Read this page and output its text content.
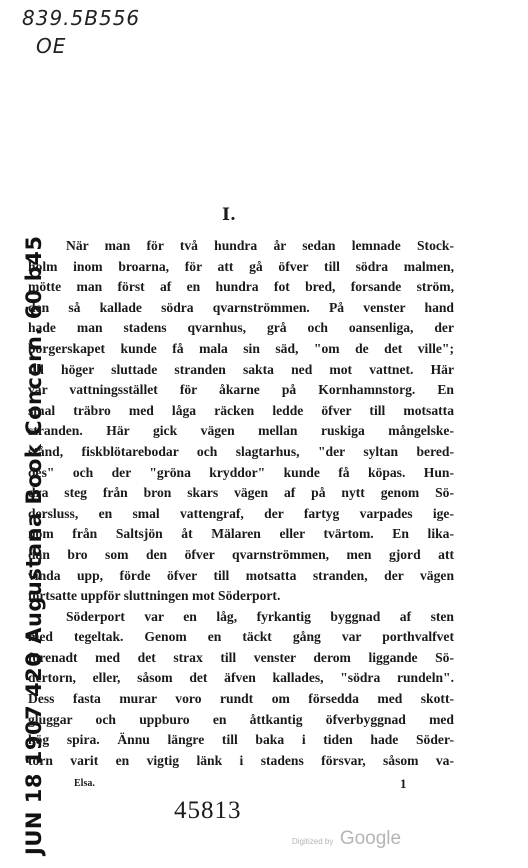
839.5B556
OE
JUN 18 1907 420 Augustana Book Concern. 60 b45
I.
När man för två hundra år sedan lemnade Stock-
holm inom broarna, för att gå öfver till södra malmen,
mötte man först af en hundra fot bred, forsande ström,
den så kallade södra qvarnströmmen. På venster hand
hade man stadens qvarnhus, grå och oansenliga, der
borgerskapet kunde få mala sin säd, "om de det ville";
till höger sluttade stranden sakta ned mot vattnet. Här
var vattningsstället för åkarne på Kornhamnstorg. En
smal träbro med låga räcken ledde öfver till motsatta
stranden. Här gick vägen mellan ruskiga mångelske-
stånd, fiskblötarebodar och slagtarhus, "der syltan bered-
des" och der "gröna kryddor" kunde få köpas. Hun-
dra steg från bron skars vägen af på nytt genom Sö-
dersluss, en smal vattengraf, der fartyg varpades ige-
nom från Saltsjön åt Mälaren eller tvärtom. En lika-
dan bro som den öfver qvarnströmmen, men gjord att
vinda upp, förde öfver till motsatta stranden, der vägen
fortsatte uppför sluttningen mot Söderport.
Söderport var en låg, fyrkantig byggnad af sten
med tegeltak. Genom en täckt gång var porthvalfvet
förenadt med det strax till venster derom liggande Sö-
dertorn, eller, såsom det äfven kallades, "södra rundeln".
Dess fasta murar voro rundt om försedda med skott-
gluggar och uppburo en åttkantig öfverbyggnad med
hög spira. Ännu längre till baka i tiden hade Söder-
torn varit en vigtig länk i stadens försvar, såsom va-
Elsa.	1
45813
Digitized by Google
